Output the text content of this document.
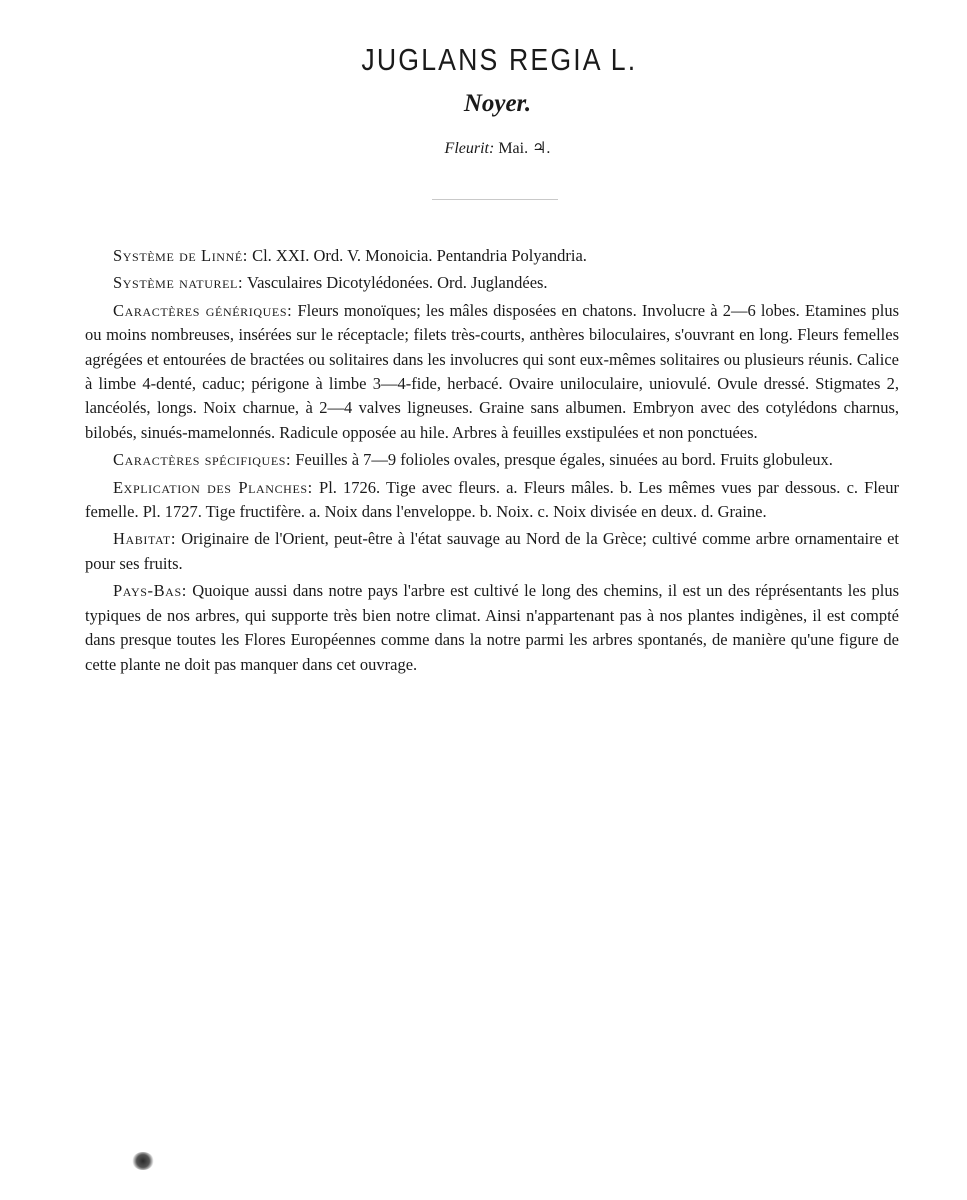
JUGLANS REGIA L.
Noyer.
Fleurit: Mai. ♃.

Système de Linné: Cl. XXI. Ord. V. Monoicia. Pentandria Polyandria.

Système naturel: Vasculaires Dicotylédonées. Ord. Juglandées.

Caractères génériques: Fleurs monoïques; les mâles disposées en chatons. Involucre à 2—6 lobes. Etamines plus ou moins nombreuses, insérées sur le réceptacle; filets très-courts, anthères biloculaires, s'ouvrant en long. Fleurs femelles agrégées et entourées de bractées ou solitaires dans les involucres qui sont eux-mêmes solitaires ou plusieurs réunis. Calice à limbe 4-denté, caduc; périgone à limbe 3—4-fide, herbacé. Ovaire uniloculaire, uniovulé. Ovule dressé. Stigmates 2, lancéolés, longs. Noix charnue, à 2—4 valves ligneuses. Graine sans albumen. Embryon avec des cotylédons charnus, bilobés, sinués-mamelonnés. Radicule opposée au hile. Arbres à feuilles exstipulées et non ponctuées.

Caractères spécifiques: Feuilles à 7—9 folioles ovales, presque égales, sinuées au bord. Fruits globuleux.

Explication des Planches: Pl. 1726. Tige avec fleurs. a. Fleurs mâles. b. Les mêmes vues par dessous. c. Fleur femelle. Pl. 1727. Tige fructifère. a. Noix dans l'enveloppe. b. Noix. c. Noix divisée en deux. d. Graine.

Habitat: Originaire de l'Orient, peut-être à l'état sauvage au Nord de la Grèce; cultivé comme arbre ornamentaire et pour ses fruits.

Pays-Bas: Quoique aussi dans notre pays l'arbre est cultivé le long des chemins, il est un des réprésentants les plus typiques de nos arbres, qui supporte très bien notre climat. Ainsi n'appartenant pas à nos plantes indigènes, il est compté dans presque toutes les Flores Européennes comme dans la notre parmi les arbres spontanés, de manière qu'une figure de cette plante ne doit pas manquer dans cet ouvrage.
